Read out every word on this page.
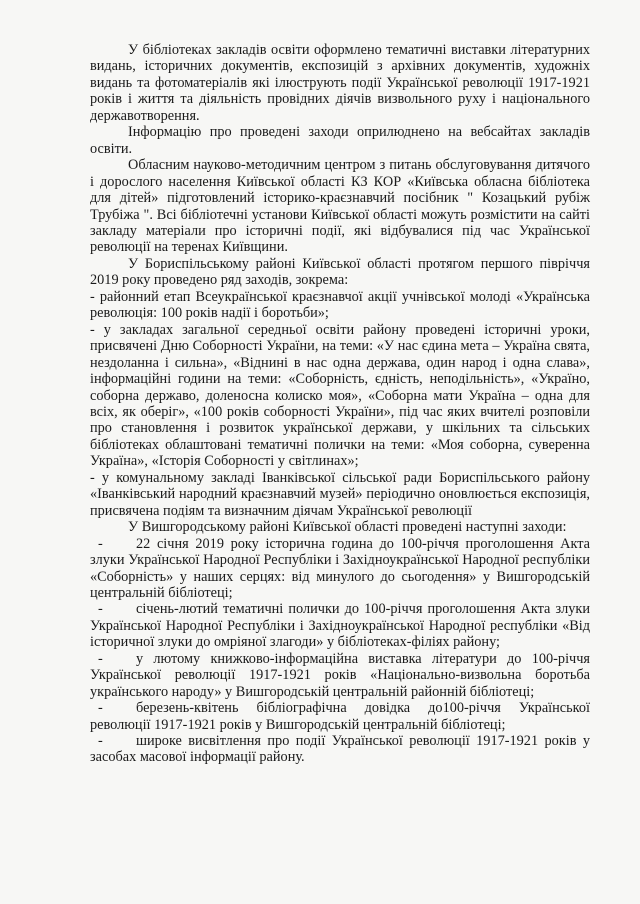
У бібліотеках закладів освіти оформлено тематичні виставки літературних видань, історичних документів, експозицій з архівних документів, художніх видань та фотоматеріалів які ілюструють події Української революції 1917-1921 років і життя та діяльність провідних діячів визвольного руху і національного державотворення.

Інформацію про проведені заходи оприлюднено на вебсайтах закладів освіти.

Обласним науково-методичним центром з питань обслуговування дитячого і дорослого населення Київської області КЗ КОР «Київська обласна бібліотека для дітей» підготовлений історико-краєзнавчий посібник " Козацький рубіж Трубіжа ". Всі бібліотечні установи Київської області можуть розмістити на сайті закладу матеріали про історичні події, які відбувалися під час Української революції на теренах Київщини.

У Бориспільському районі Київської області протягом першого півріччя 2019 року проведено ряд заходів, зокрема:

- районний етап Всеукраїнської краєзнавчої акції учнівської молоді «Українська революція: 100 років надії і боротьби»;

- у закладах загальної середньої освіти району проведені історичні уроки, присвячені Дню Соборності України, на теми: «У нас єдина мета – Україна свята, нездоланна і сильна», «Віднині в нас одна держава, один народ і одна слава», інформаційні години на теми: «Соборність, єдність, неподільність», «Україно, соборна державо, доленосна колиско моя», «Соборна мати Україна – одна для всіх, як оберіг», «100 років соборності України», під час яких вчителі розповіли про становлення і розвиток української держави, у шкільних та сільських бібліотеках облаштовані тематичні полички на теми: «Моя соборна, суверенна Україна», «Історія Соборності у світлинах»;

- у комунальному закладі Іванківської сільської ради Бориспільського району «Іванківський народний краєзнавчий музей» періодично оновлюється експозиція, присвячена подіям та визначним діячам Української революції

У Вишгородському районі Київської області проведені наступні заходи:

- 22 січня 2019 року історична година до 100-річчя проголошення Акта злуки Української Народної Республіки і Західноукраїнської Народної республіки «Соборність» у наших серцях: від минулого до сьогодення» у Вишгородській центральній бібліотеці;

- січень-лютий тематичні полички до 100-річчя проголошення Акта злуки Української Народної Республіки і Західноукраїнської Народної республіки «Від історичної злуки до омріяної злагоди» у бібліотеках-філіях району;

- у лютому книжково-інформаційна виставка літератури до 100-річчя Української революції 1917-1921 років «Національно-визвольна боротьба українського народу» у Вишгородській центральній районній бібліотеці;

- березень-квітень бібліографічна довідка до100-річчя Української революції 1917-1921 років у Вишгородській центральній бібліотеці;

- широке висвітлення про події Української революції 1917-1921 років у засобах масової інформації району.
